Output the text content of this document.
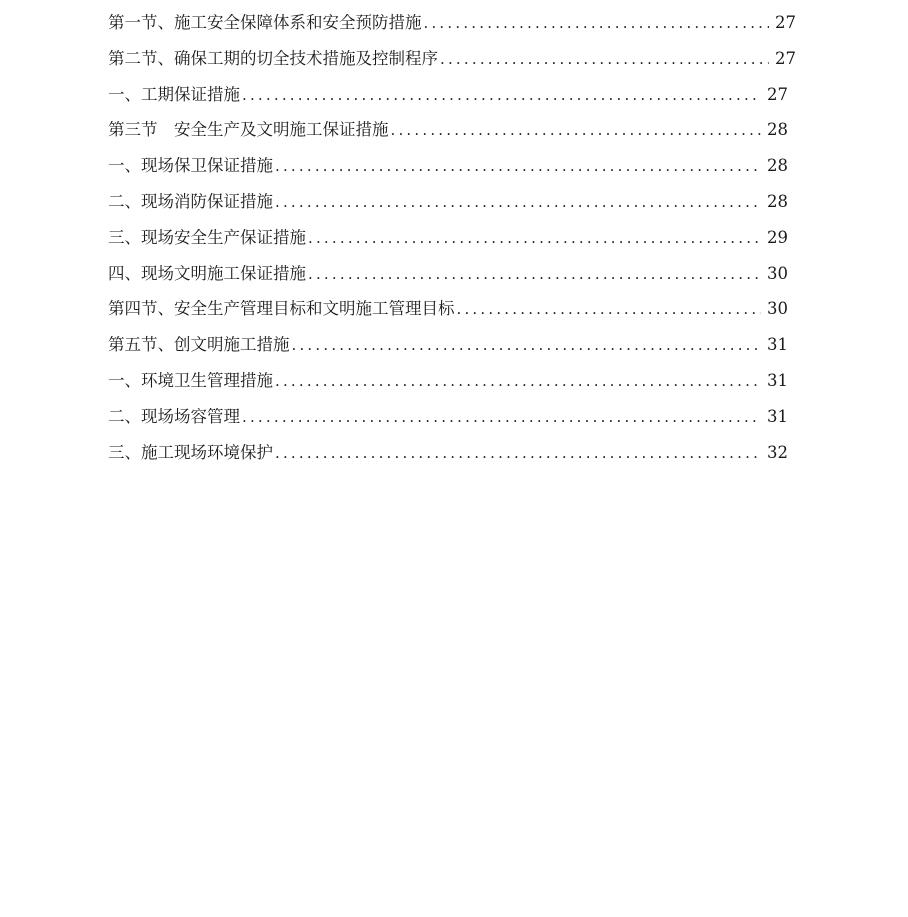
第一节、施工安全保障体系和安全预防措施 .....	27
第二节、确保工期的切全技术措施及控制程序 .....	27
一、工期保证措施 .....	27
第三节　安全生产及文明施工保证措施 .....	28
一、现场保卫保证措施 .....	28
二、现场消防保证措施 .....	28
三、现场安全生产保证措施 .....	29
四、现场文明施工保证措施 .....	30
第四节、安全生产管理目标和文明施工管理目标 .....	30
第五节、创文明施工措施 .....	31
一、环境卫生管理措施 .....	31
二、现场场容管理 .....	31
三、施工现场环境保护 .....	32
